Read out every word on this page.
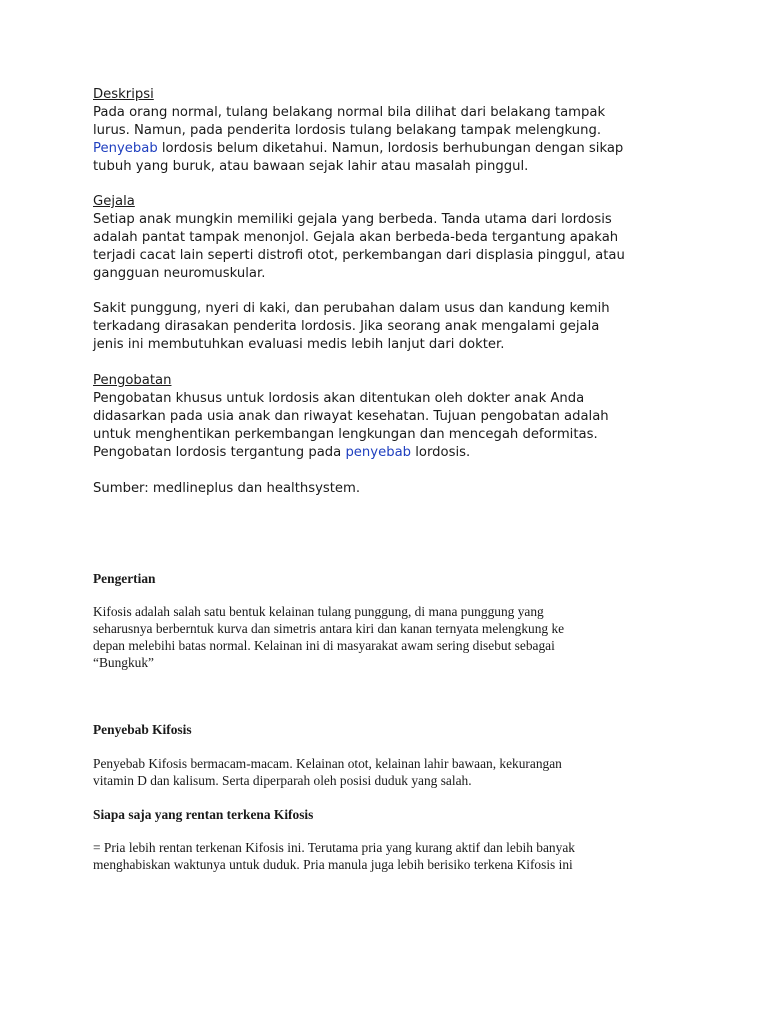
Deskripsi

Pada orang normal, tulang belakang normal bila dilihat dari belakang tampak

lurus. Namun, pada penderita lordosis tulang belakang tampak melengkung.

Penyebab lordosis belum diketahui. Namun, lordosis berhubungan dengan sikap

tubuh yang buruk, atau bawaan sejak lahir atau masalah pinggul.

Gejala

Setiap anak mungkin memiliki gejala yang berbeda. Tanda utama dari lordosis

adalah pantat tampak menonjol. Gejala akan berbeda-beda tergantung apakah

terjadi cacat lain seperti distrofi otot, perkembangan dari displasia pinggul, atau

gangguan neuromuskular.

Sakit punggung, nyeri di kaki, dan perubahan dalam usus dan kandung kemih

terkadang dirasakan penderita lordosis. Jika seorang anak mengalami gejala

jenis ini membutuhkan evaluasi medis lebih lanjut dari dokter.

Pengobatan

Pengobatan khusus untuk lordosis akan ditentukan oleh dokter anak Anda

didasarkan pada usia anak dan riwayat kesehatan. Tujuan pengobatan adalah

untuk menghentikan perkembangan lengkungan dan mencegah deformitas.

Pengobatan lordosis tergantung pada penyebab lordosis.

Sumber: medlineplus dan healthsystem.

Pengertian

Kifosis adalah salah satu bentuk kelainan tulang punggung, di mana punggung yang

seharusnya berberntuk kurva dan simetris antara kiri dan kanan ternyata melengkung ke

depan melebihi batas normal. Kelainan ini di masyarakat awam sering disebut sebagai

“Bungkuk”

Penyebab Kifosis

Penyebab Kifosis bermacam-macam. Kelainan otot, kelainan lahir bawaan, kekurangan

vitamin D dan kalisum. Serta diperparah oleh posisi duduk yang salah.

Siapa saja yang rentan terkena Kifosis

= Pria lebih rentan terkenan Kifosis ini. Terutama pria yang kurang aktif dan lebih banyak

menghabiskan waktunya untuk duduk. Pria manula juga lebih berisiko terkena Kifosis ini
